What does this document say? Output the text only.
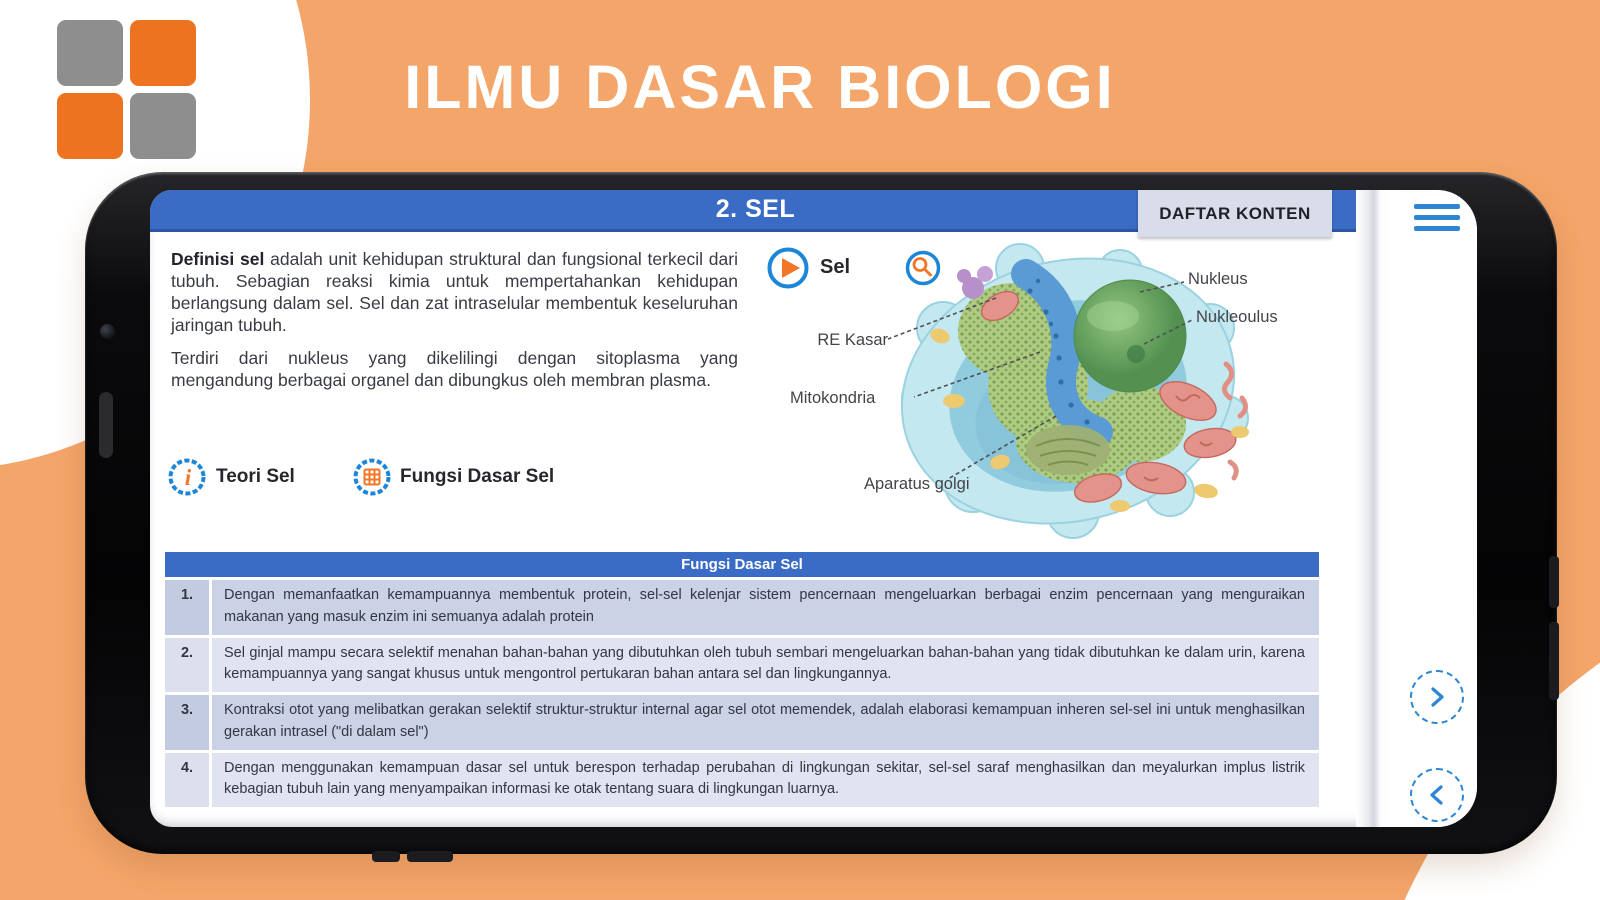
ILMU DASAR BIOLOGI
2. SEL	DAFTAR KONTEN

Definisi sel adalah unit kehidupan struktural dan fungsional terkecil dari tubuh. Sebagian reaksi kimia untuk mempertahankan kehidupan berlangsung dalam sel. Sel dan zat intraselular membentuk keseluruhan jaringan tubuh.

Terdiri dari nukleus yang dikelilingi dengan sitoplasma yang mengandung berbagai organel dan dibungkus oleh membran plasma.

Sel
i Teori Sel	Fungsi Dasar Sel
Nukleus
Nukleoulus
RE Kasar
Mitokondria
Aparatus golgi
Fungsi Dasar Sel
1.	Dengan memanfaatkan kemampuannya membentuk protein, sel-sel kelenjar sistem pencernaan mengeluarkan berbagai enzim pencernaan yang menguraikan makanan yang masuk enzim ini semuanya adalah protein
2.	Sel ginjal mampu secara selektif menahan bahan-bahan yang dibutuhkan oleh tubuh sembari mengeluarkan bahan-bahan yang tidak dibutuhkan ke dalam urin, karena kemampuannya yang sangat khusus untuk mengontrol pertukaran bahan antara sel dan lingkungannya.
3.	Kontraksi otot yang melibatkan gerakan selektif struktur-struktur internal agar sel otot memendek, adalah elaborasi kemampuan inheren sel-sel ini untuk menghasilkan gerakan intrasel ("di dalam sel")
4.	Dengan menggunakan kemampuan dasar sel untuk berespon terhadap perubahan di lingkungan sekitar, sel-sel saraf menghasilkan dan meyalurkan implus listrik kebagian tubuh lain yang menyampaikan informasi ke otak tentang suara di lingkungan luarnya.
